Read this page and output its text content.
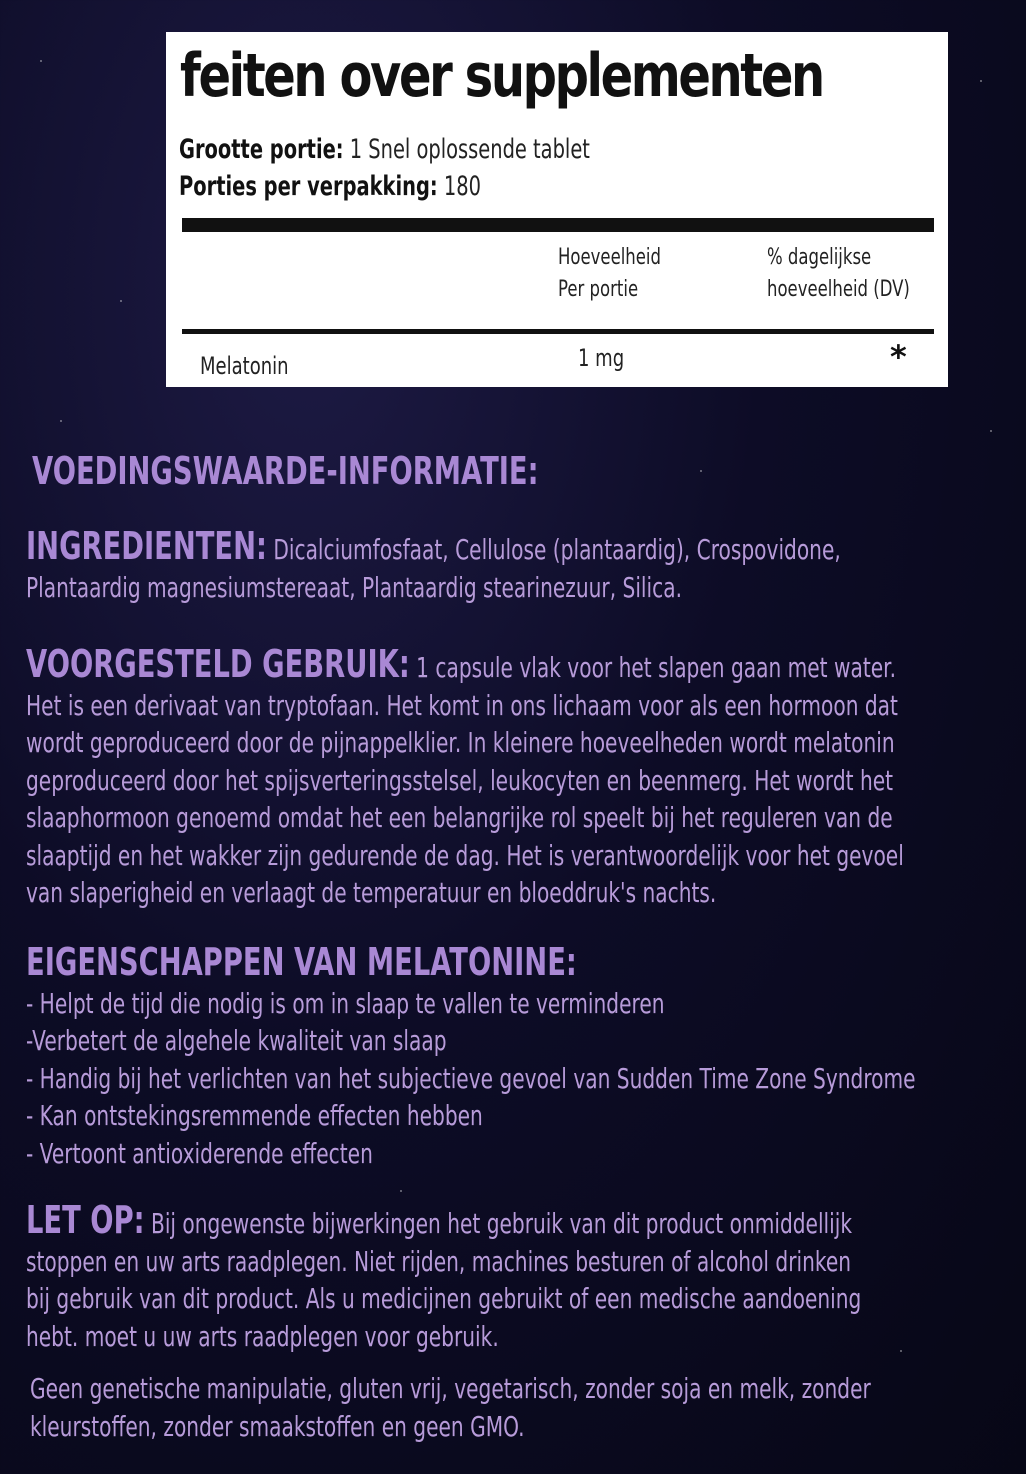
feiten over supplementen
Grootte portie: 1 Snel oplossende tablet
Porties per verpakking: 180
Hoeveelheid
Per portie
% dagelijkse
hoeveelheid (DV)
Melatonin	1 mg	*
VOEDINGSWAARDE-INFORMATIE:
INGREDIENTEN: Dicalciumfosfaat, Cellulose (plantaardig), Crospovidone,
Plantaardig magnesiumstereaat, Plantaardig stearinezuur, Silica.
VOORGESTELD GEBRUIK: 1 capsule vlak voor het slapen gaan met water.
Het is een derivaat van tryptofaan. Het komt in ons lichaam voor als een hormoon dat
wordt geproduceerd door de pijnappelklier. In kleinere hoeveelheden wordt melatonin
geproduceerd door het spijsverteringsstelsel, leukocyten en beenmerg. Het wordt het
slaaphormoon genoemd omdat het een belangrijke rol speelt bij het reguleren van de
slaaptijd en het wakker zijn gedurende de dag. Het is verantwoordelijk voor het gevoel
van slaperigheid en verlaagt de temperatuur en bloeddruk's nachts.
EIGENSCHAPPEN VAN MELATONINE:
- Helpt de tijd die nodig is om in slaap te vallen te verminderen
-Verbetert de algehele kwaliteit van slaap
- Handig bij het verlichten van het subjectieve gevoel van Sudden Time Zone Syndrome
- Kan ontstekingsremmende effecten hebben
- Vertoont antioxiderende effecten
LET OP: Bij ongewenste bijwerkingen het gebruik van dit product onmiddellijk
stoppen en uw arts raadplegen. Niet rijden, machines besturen of alcohol drinken
bij gebruik van dit product. Als u medicijnen gebruikt of een medische aandoening
hebt. moet u uw arts raadplegen voor gebruik.
Geen genetische manipulatie, gluten vrij, vegetarisch, zonder soja en melk, zonder
kleurstoffen, zonder smaakstoffen en geen GMO.
